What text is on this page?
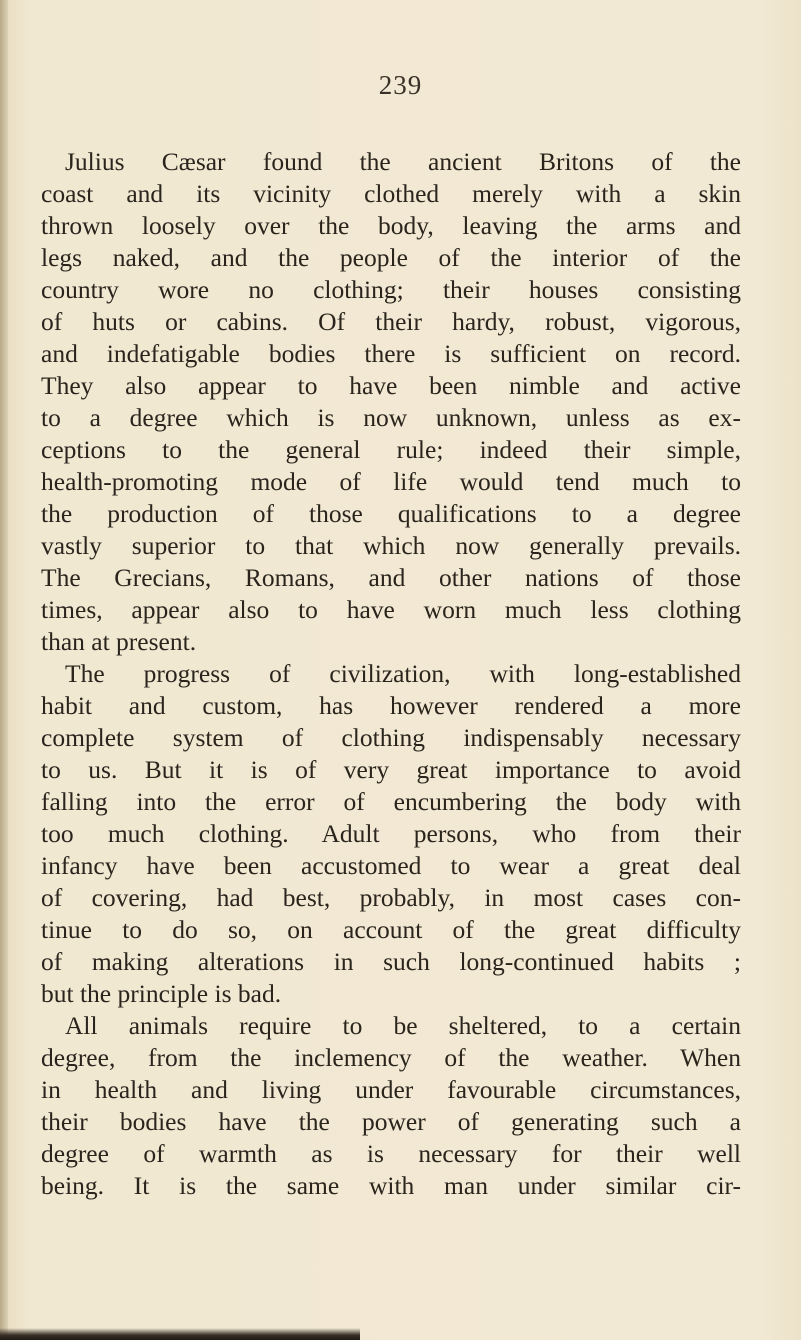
239
Julius Cæsar found the ancient Britons of the
coast and its vicinity clothed merely with a skin
thrown loosely over the body, leaving the arms and
legs naked, and the people of the interior of the
country wore no clothing; their houses consisting
of huts or cabins. Of their hardy, robust, vigorous,
and indefatigable bodies there is sufficient on record.
They also appear to have been nimble and active
to a degree which is now unknown, unless as ex-
ceptions to the general rule; indeed their simple,
health-promoting mode of life would tend much to
the production of those qualifications to a degree
vastly superior to that which now generally prevails.
The Grecians, Romans, and other nations of those
times, appear also to have worn much less clothing
than at present.
The progress of civilization, with long-established
habit and custom, has however rendered a more
complete system of clothing indispensably necessary
to us. But it is of very great importance to avoid
falling into the error of encumbering the body with
too much clothing. Adult persons, who from their
infancy have been accustomed to wear a great deal
of covering, had best, probably, in most cases con-
tinue to do so, on account of the great difficulty
of making alterations in such long-continued habits ;
but the principle is bad.
All animals require to be sheltered, to a certain
degree, from the inclemency of the weather. When
in health and living under favourable circumstances,
their bodies have the power of generating such a
degree of warmth as is necessary for their well
being. It is the same with man under similar cir-
